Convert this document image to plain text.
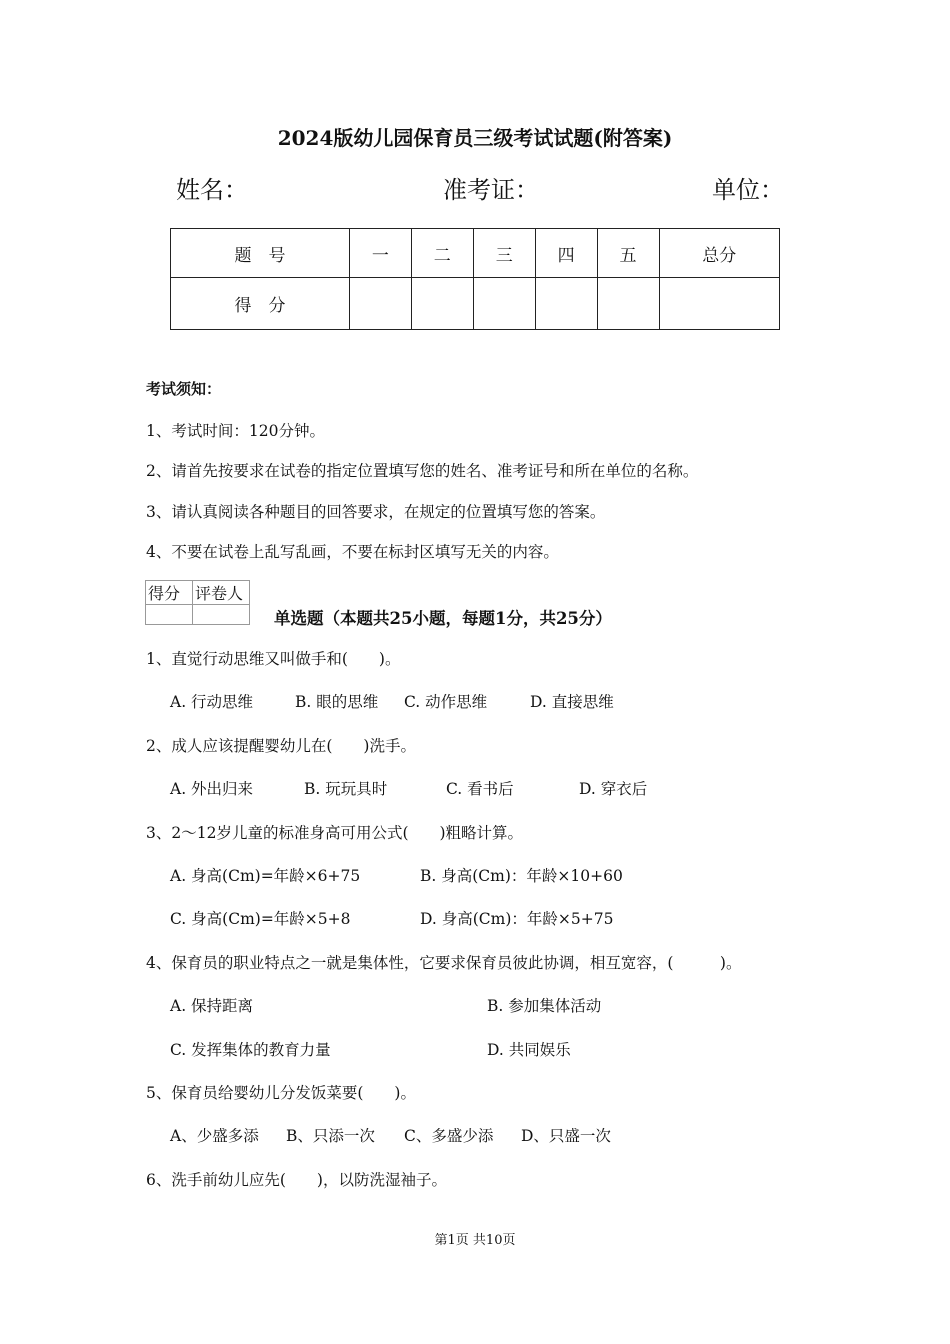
2024版幼儿园保育员三级考试试题(附答案)
姓名：	准考证：	单位：
题　号	一	二	三	四	五	总分
得　分						
考试须知：
1、考试时间：120分钟。
2、请首先按要求在试卷的指定位置填写您的姓名、准考证号和所在单位的名称。
3、请认真阅读各种题目的回答要求，在规定的位置填写您的答案。
4、不要在试卷上乱写乱画，不要在标封区填写无关的内容。
得分	评卷人

单选题（本题共25小题，每题1分，共25分）
1、直觉行动思维又叫做手和(　　)。
A. 行动思维	B. 眼的思维 C. 动作思维	D. 直接思维
2、成人应该提醒婴幼儿在(　　)洗手。
A. 外出归来	B. 玩玩具时	C. 看书后	D. 穿衣后
3、2～12岁儿童的标准身高可用公式(　　)粗略计算。
A. 身高(Cm)=年龄×6+75	B. 身高(Cm)：年龄×10+60
C. 身高(Cm)=年龄×5+8	D. 身高(Cm)：年龄×5+75
4、保育员的职业特点之一就是集体性，它要求保育员彼此协调，相互宽容，(　　　)。
A. 保持距离	B. 参加集体活动
C. 发挥集体的教育力量	D. 共同娱乐
5、保育员给婴幼儿分发饭菜要(　　)。
A、少盛多添 B、只添一次 C、多盛少添 D、只盛一次
6、洗手前幼儿应先(　　)，以防洗湿袖子。
第1页 共10页
